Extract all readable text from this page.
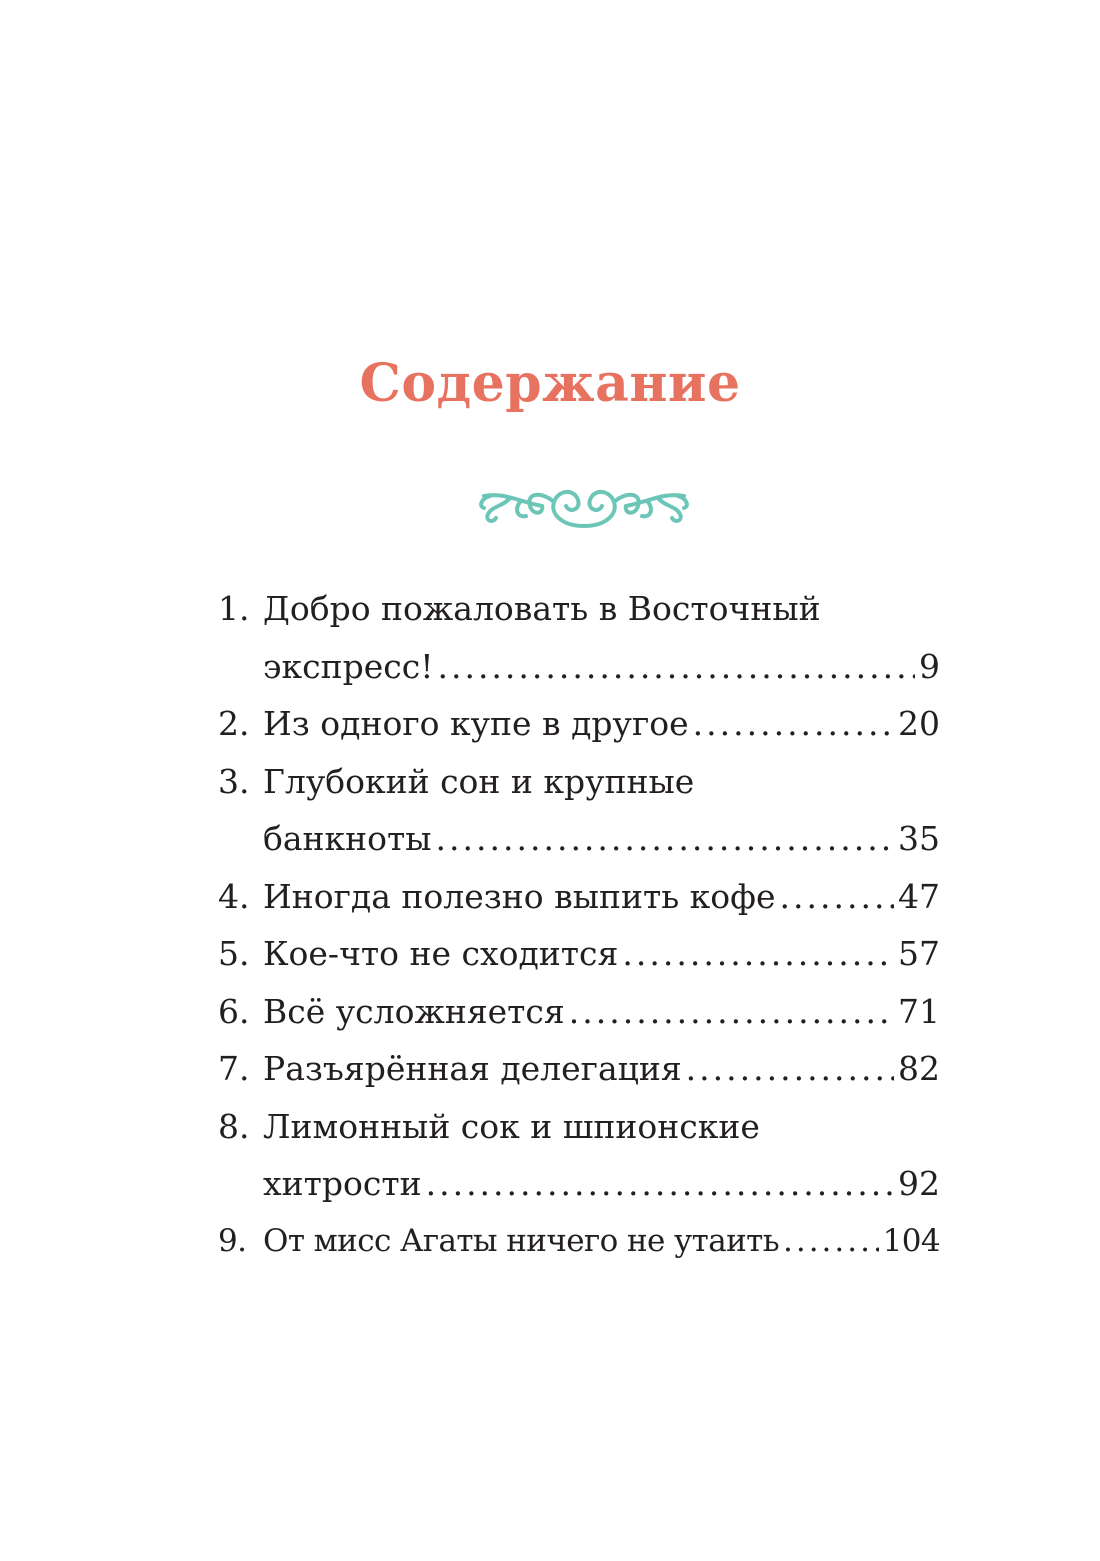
Содержание
1. Добро пожаловать в Восточный
экспресс! .....	9
2. Из одного купе в другое .....	20
3. Глубокий сон и крупные
банкноты .....	35
4. Иногда полезно выпить кофе .....	47
5. Кое-что не сходится .....	57
6. Всё усложняется .....	71
7. Разъярённая делегация .....	82
8. Лимонный сок и шпионские
хитрости .....	92
9. От мисс Агаты ничего не утаить .....	104
